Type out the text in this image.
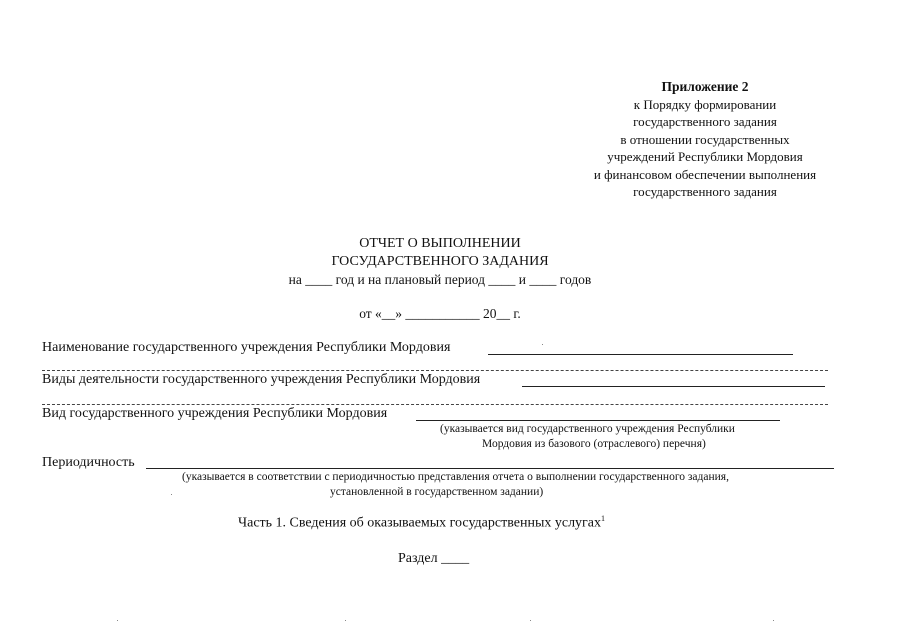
Приложение 2
к Порядку формировании
государственного задания
в отношении государственных
учреждений Республики Мордовия
и финансовом обеспечении выполнения
государственного задания
ОТЧЕТ О ВЫПОЛНЕНИИ
ГОСУДАРСТВЕННОГО ЗАДАНИЯ
на ____ год и на плановый период ____ и ____ годов
от «__» ___________ 20__ г.
Наименование государственного учреждения Республики Мордовия
Виды деятельности государственного учреждения Республики Мордовия
Вид государственного учреждения Республики Мордовия
(указывается вид государственного учреждения Республики
Мордовия из базового (отраслевого) перечня)
Периодичность
(указывается в соответствии с периодичностью представления отчета о выполнении государственного задания,
установленной в государственном задании)
Часть 1. Сведения об оказываемых государственных услугах$^1$
Раздел ____
